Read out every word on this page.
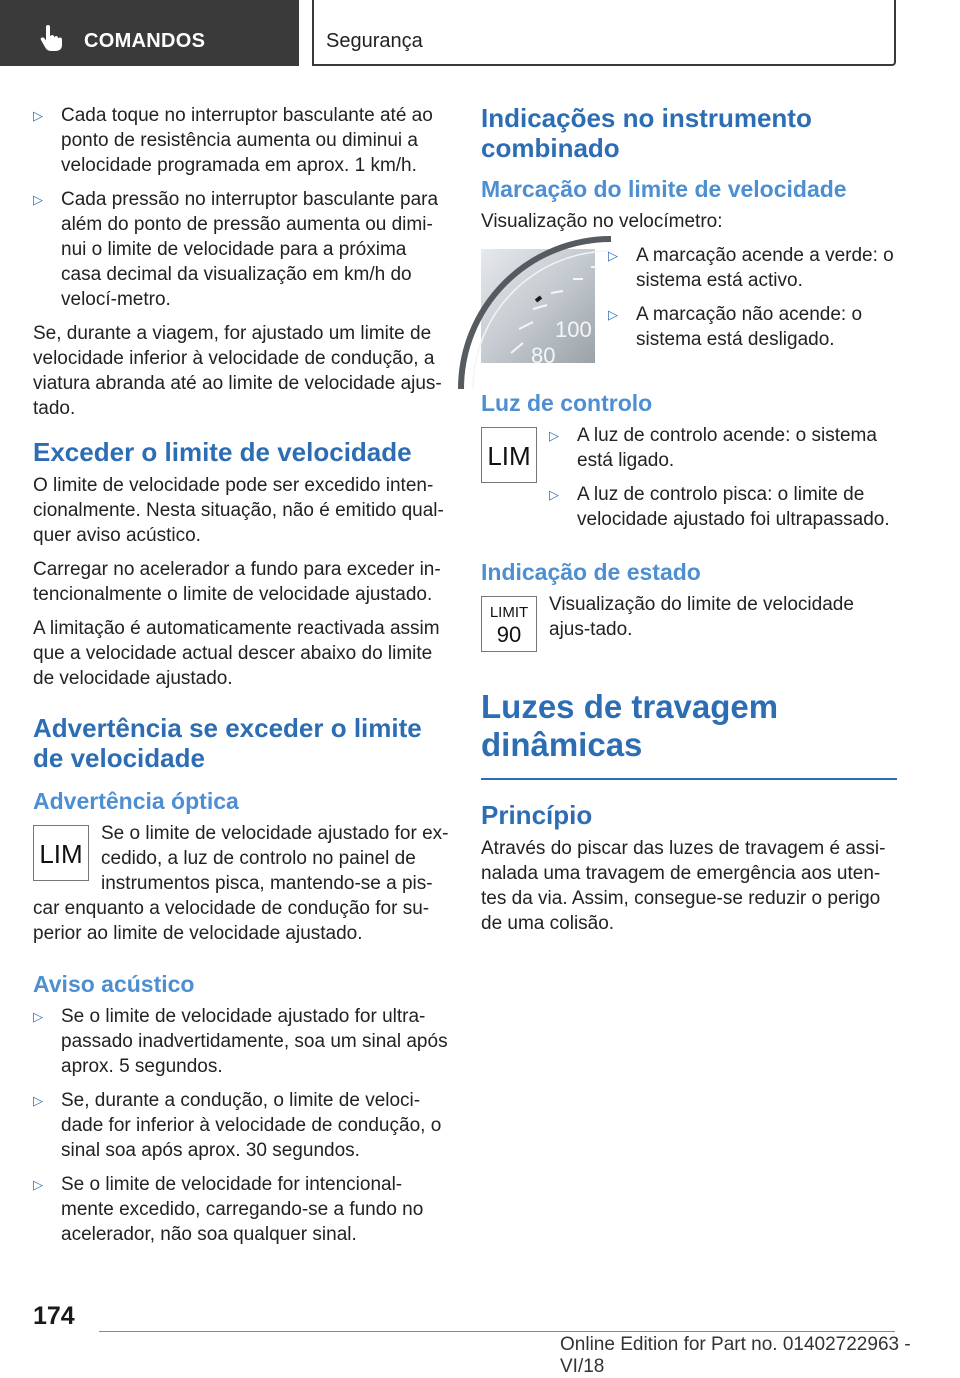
COMANDOS	Segurança
▷ Cada toque no interruptor basculante até ao ponto de resistência aumenta ou diminui a velocidade programada em aprox. 1 km/h.
▷ Cada pressão no interruptor basculante para além do ponto de pressão aumenta ou dimi‐nui o limite de velocidade para a próxima casa decimal da visualização em km/h do velocí‐metro.

Se, durante a viagem, for ajustado um limite de velocidade inferior à velocidade de condução, a viatura abranda até ao limite de velocidade ajus‐tado.

Exceder o limite de velocidade

O limite de velocidade pode ser excedido inten‐cionalmente. Nesta situação, não é emitido qual‐quer aviso acústico.

Carregar no acelerador a fundo para exceder in‐tencionalmente o limite de velocidade ajustado.

A limitação é automaticamente reactivada assim que a velocidade actual descer abaixo do limite de velocidade ajustado.

Advertência se exceder o limite de velocidade
Advertência óptica
LIM

Se o limite de velocidade ajustado for ex‐cedido, a luz de controlo no painel de instrumentos pisca, mantendo-se a pis‐car enquanto a velocidade de condução for su‐perior ao limite de velocidade ajustado.

Aviso acústico
▷ Se o limite de velocidade ajustado for ultra‐passado inadvertidamente, soa um sinal após aprox. 5 segundos.
▷ Se, durante a condução, o limite de veloci‐dade for inferior à velocidade de condução, o sinal soa após aprox. 30 segundos.
▷ Se o limite de velocidade for intencional‐mente excedido, carregando-se a fundo no acelerador, não soa qualquer sinal.
Indicações no instrumento combinado
Marcação do limite de velocidade

Visualização no velocímetro:

100
80
▷ A marcação acende a verde: o sistema está activo.
▷ A marcação não acende: o sistema está desligado.
Luz de controlo
LIM
▷ A luz de controlo acende: o sistema está ligado.
▷ A luz de controlo pisca: o limite de velocidade ajustado foi ultrapassado.
Indicação de estado
LIMIT
90

Visualização do limite de velocidade ajus‐tado.

Luzes de travagem dinâmicas
Princípio

Através do piscar das luzes de travagem é assi‐nalada uma travagem de emergência aos uten‐tes da via. Assim, consegue-se reduzir o perigo de uma colisão.

174
Online Edition for Part no. 01402722963 - VI/18
